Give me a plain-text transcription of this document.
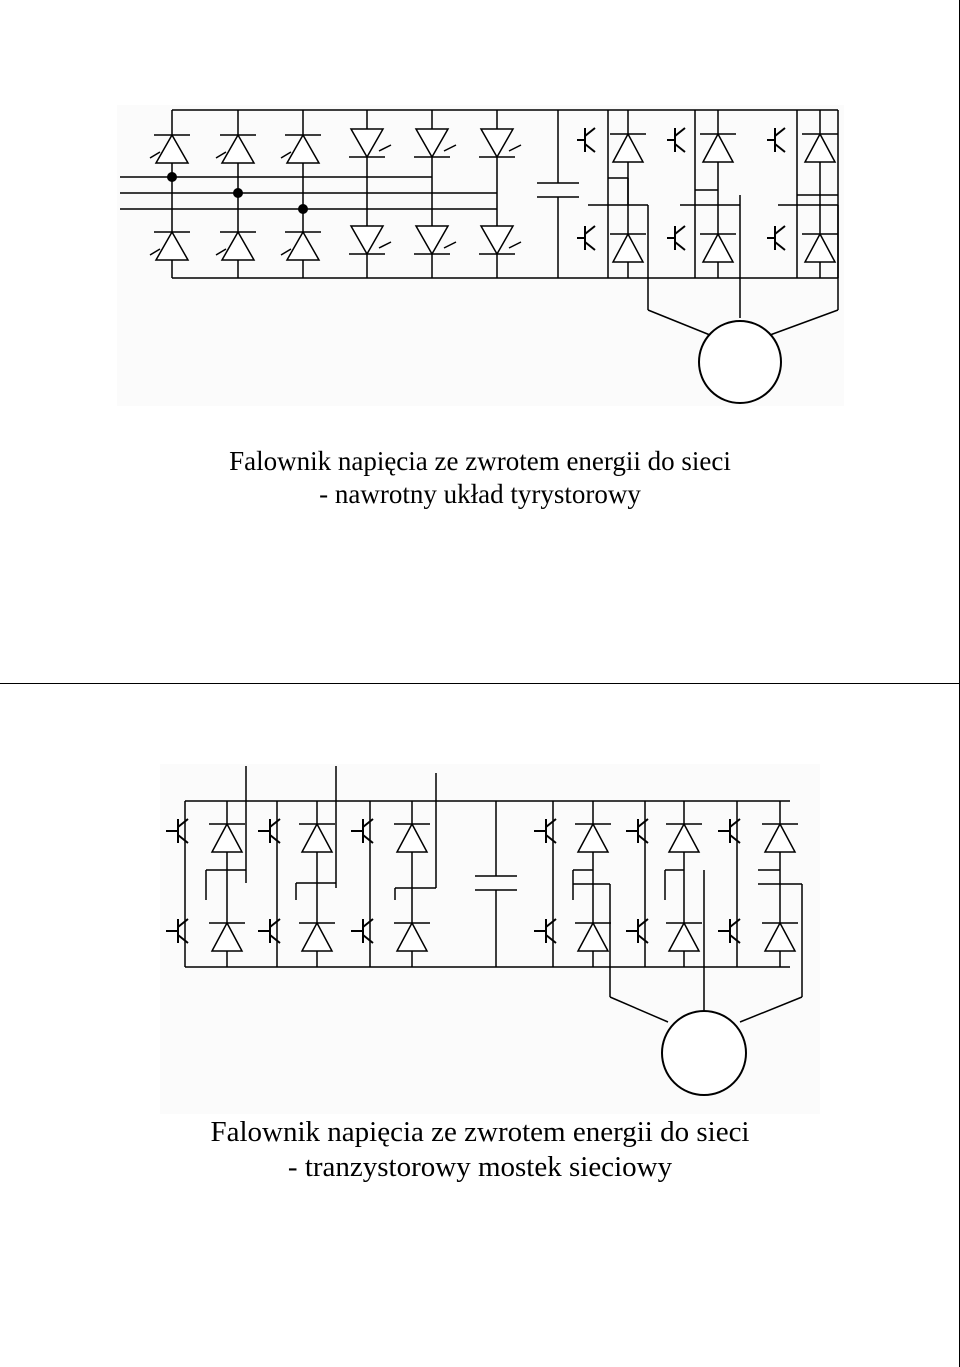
Falownik napięcia ze zwrotem energii do sieci
- nawrotny układ tyrystorowy
Falownik napięcia ze zwrotem energii do sieci
- tranzystorowy mostek sieciowy
